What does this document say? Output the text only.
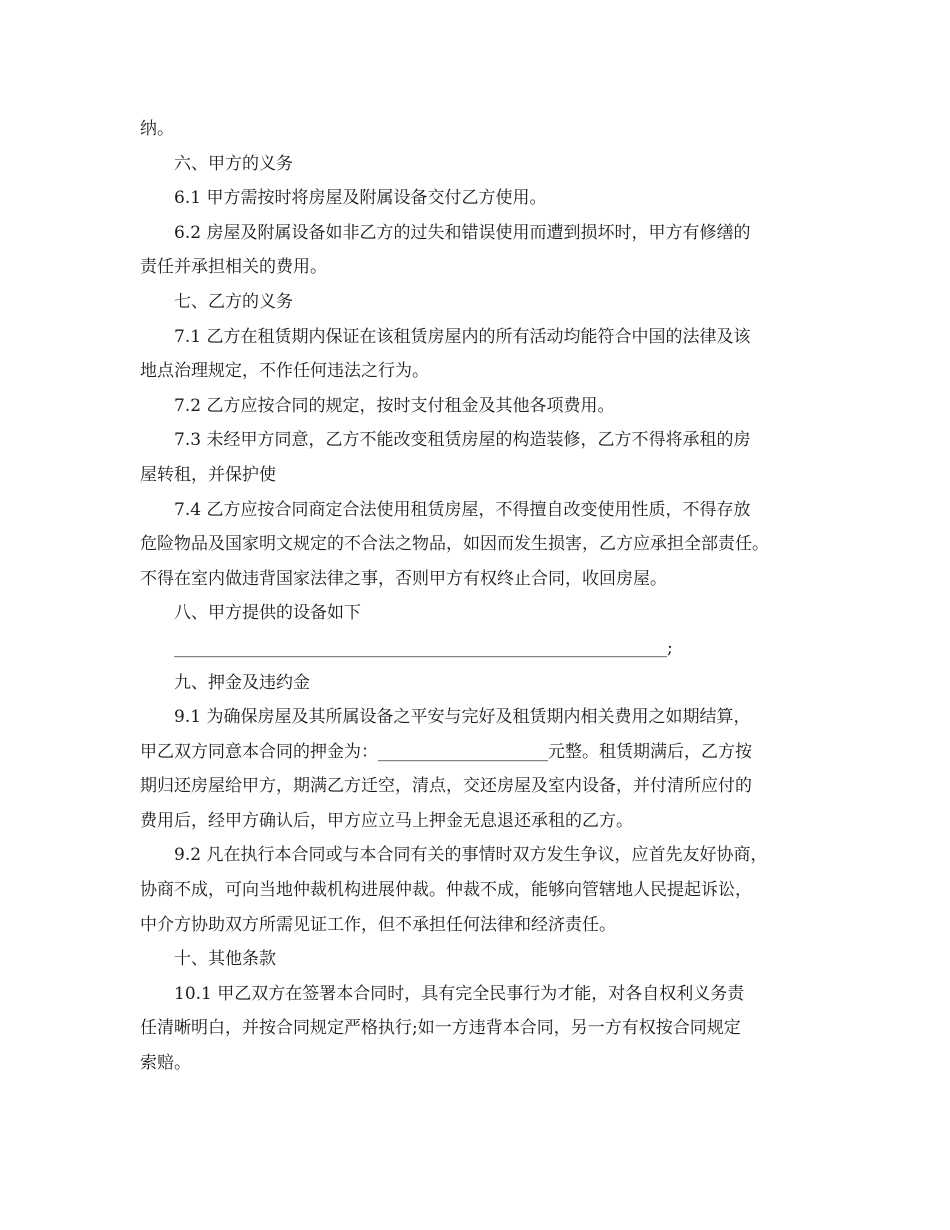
纳。
六、甲方的义务
6.1 甲方需按时将房屋及附属设备交付乙方使用。
6.2 房屋及附属设备如非乙方的过失和错误使用而遭到损坏时，甲方有修缮的
责任并承担相关的费用。
七、乙方的义务
7.1 乙方在租赁期内保证在该租赁房屋内的所有活动均能符合中国的法律及该
地点治理规定，不作任何违法之行为。
7.2 乙方应按合同的规定，按时支付租金及其他各项费用。
7.3 未经甲方同意，乙方不能改变租赁房屋的构造装修，乙方不得将承租的房
屋转租，并保护使
7.4 乙方应按合同商定合法使用租赁房屋，不得擅自改变使用性质，不得存放
危险物品及国家明文规定的不合法之物品，如因而发生损害，乙方应承担全部责任。
不得在室内做违背国家法律之事，否则甲方有权终止合同，收回房屋。
八、甲方提供的设备如下
__________________________________________________________;
九、押金及违约金
9.1 为确保房屋及其所属设备之平安与完好及租赁期内相关费用之如期结算，
甲乙双方同意本合同的押金为：____________________元整。租赁期满后，乙方按
期归还房屋给甲方，期满乙方迁空，清点，交还房屋及室内设备，并付清所应付的
费用后，经甲方确认后，甲方应立马上押金无息退还承租的乙方。
9.2 凡在执行本合同或与本合同有关的事情时双方发生争议，应首先友好协商，
协商不成，可向当地仲裁机构进展仲裁。仲裁不成，能够向管辖地人民提起诉讼，
中介方协助双方所需见证工作，但不承担任何法律和经济责任。
十、其他条款
10.1 甲乙双方在签署本合同时，具有完全民事行为才能，对各自权利义务责
任清晰明白，并按合同规定严格执行;如一方违背本合同，另一方有权按合同规定
索赔。
